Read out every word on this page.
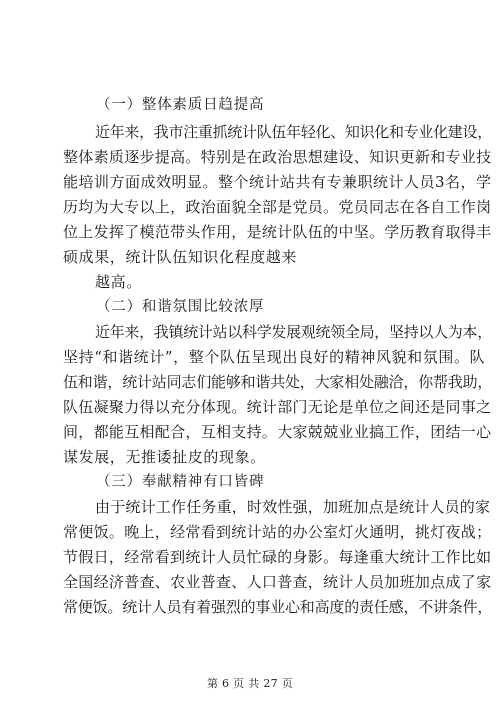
（一）整体素质日趋提高
近年来，我市注重抓统计队伍年轻化、知识化和专业化建设，
整体素质逐步提高。特别是在政治思想建设、知识更新和专业技
能培训方面成效明显。整个统计站共有专兼职统计人员3名，学
历均为大专以上，政治面貌全部是党员。党员同志在各自工作岗
位上发挥了模范带头作用，是统计队伍的中坚。学历教育取得丰
硕成果，统计队伍知识化程度越来
越高。
（二）和谐氛围比较浓厚
近年来，我镇统计站以科学发展观统领全局，坚持以人为本，
坚持“和谐统计”，整个队伍呈现出良好的精神风貌和氛围。队
伍和谐，统计站同志们能够和谐共处，大家相处融洽，你帮我助，
队伍凝聚力得以充分体现。统计部门无论是单位之间还是同事之
间，都能互相配合，互相支持。大家兢兢业业搞工作，团结一心
谋发展，无推诿扯皮的现象。
（三）奉献精神有口皆碑
由于统计工作任务重，时效性强，加班加点是统计人员的家
常便饭。晚上，经常看到统计站的办公室灯火通明，挑灯夜战；
节假日，经常看到统计人员忙碌的身影。每逢重大统计工作比如
全国经济普查、农业普查、人口普查，统计人员加班加点成了家
常便饭。统计人员有着强烈的事业心和高度的责任感，不讲条件，
第 6 页 共 27 页
